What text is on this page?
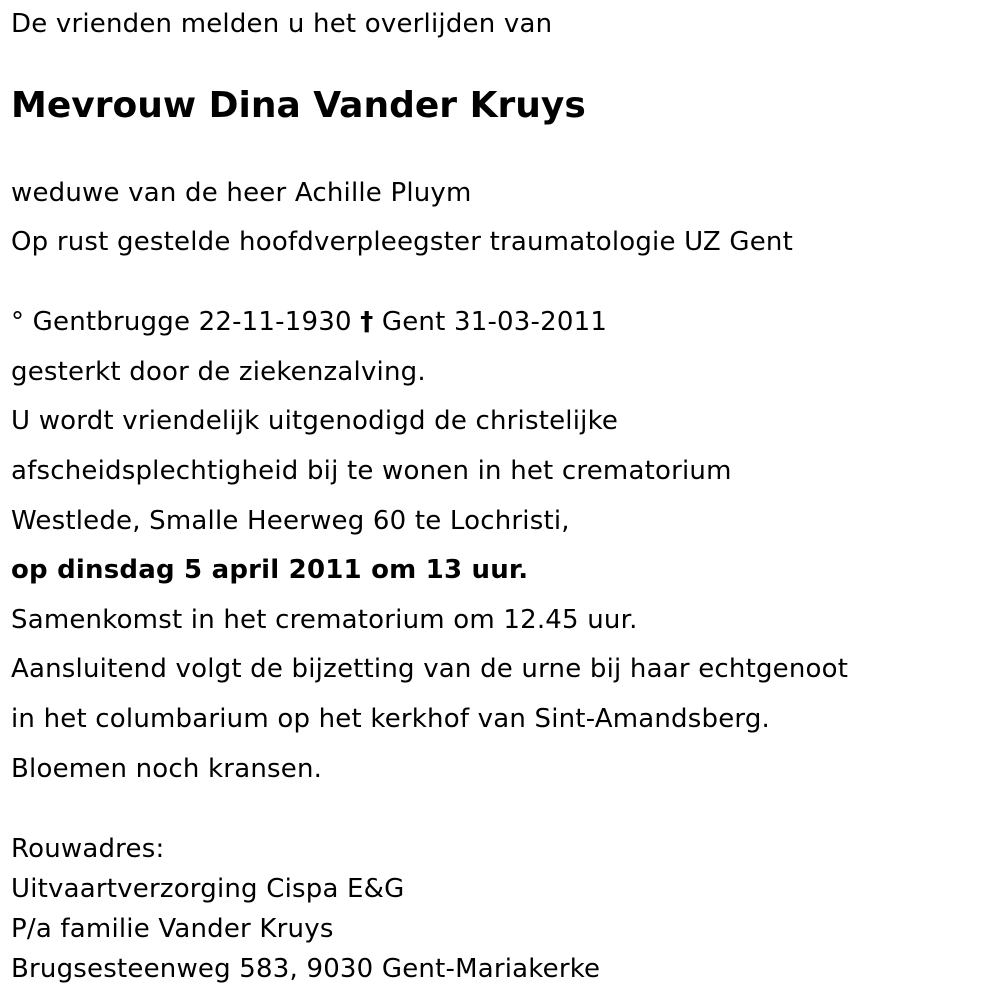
De vrienden melden u het overlijden van
Mevrouw Dina Vander Kruys
weduwe van de heer Achille Pluym
Op rust gestelde hoofdverpleegster traumatologie UZ Gent
° Gentbrugge 22-11-1930 † Gent 31-03-2011
gesterkt door de ziekenzalving.
U wordt vriendelijk uitgenodigd de christelijke
afscheidsplechtigheid bij te wonen in het crematorium
Westlede, Smalle Heerweg 60 te Lochristi,
op dinsdag 5 april 2011 om 13 uur.
Samenkomst in het crematorium om 12.45 uur.
Aansluitend volgt de bijzetting van de urne bij haar echtgenoot
in het columbarium op het kerkhof van Sint-Amandsberg.
Bloemen noch kransen.
Rouwadres:
Uitvaartverzorging Cispa E&G
P/a familie Vander Kruys
Brugsesteenweg 583, 9030 Gent-Mariakerke
